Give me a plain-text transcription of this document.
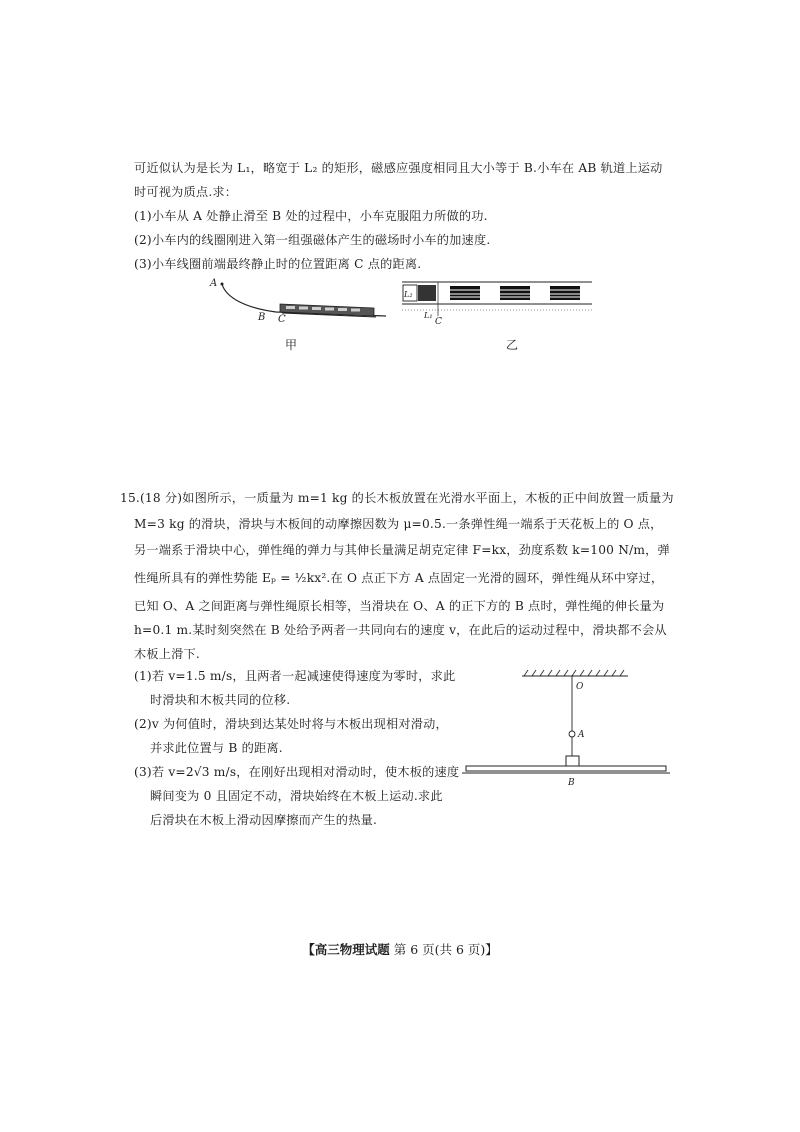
可近似认为是长为 L₁，略宽于 L₂ 的矩形，磁感应强度相同且大小等于 B.小车在 AB 轨道上运动
时可视为质点.求：
(1)小车从 A 处静止滑至 B 处的过程中，小车克服阻力所做的功.
(2)小车内的线圈刚进入第一组强磁体产生的磁场时小车的加速度.
(3)小车线圈前端最终静止时的位置距离 C 点的距离.
A
B C
甲
L₂
C
L₁
乙
15.(18 分)如图所示，一质量为 m=1 kg 的长木板放置在光滑水平面上，木板的正中间放置一质量为
M=3 kg 的滑块，滑块与木板间的动摩擦因数为 μ=0.5.一条弹性绳一端系于天花板上的 O 点，
另一端系于滑块中心，弹性绳的弹力与其伸长量满足胡克定律 F=kx，劲度系数 k=100 N/m，弹
性绳所具有的弹性势能 Eₚ = ½kx².在 O 点正下方 A 点固定一光滑的圆环，弹性绳从环中穿过，
已知 O、A 之间距离与弹性绳原长相等，当滑块在 O、A 的正下方的 B 点时，弹性绳的伸长量为
h=0.1 m.某时刻突然在 B 处给予两者一共同向右的速度 v，在此后的运动过程中，滑块都不会从
木板上滑下.
(1)若 v=1.5 m/s，且两者一起减速使得速度为零时，求此
时滑块和木板共同的位移.
(2)v 为何值时，滑块到达某处时将与木板出现相对滑动，
并求此位置与 B 的距离.
(3)若 v=2√3 m/s，在刚好出现相对滑动时，使木板的速度
瞬间变为 0 且固定不动，滑块始终在木板上运动.求此
后滑块在木板上滑动因摩擦而产生的热量.
O
A
B
【高三物理试题 第 6 页(共 6 页)】
